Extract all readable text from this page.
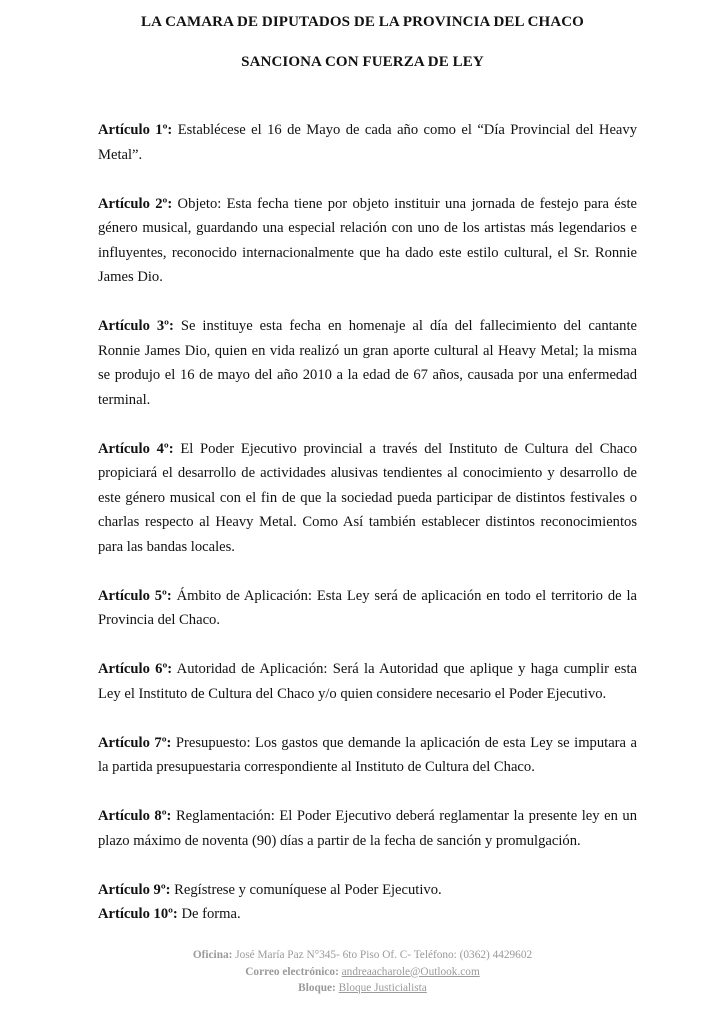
LA CAMARA DE DIPUTADOS DE LA PROVINCIA DEL CHACO
SANCIONA CON FUERZA DE LEY

Artículo 1º: Establécese el 16 de Mayo de cada año como el “Día Provincial del Heavy Metal”.

Artículo 2º: Objeto: Esta fecha tiene por objeto instituir una jornada de festejo para éste género musical, guardando una especial relación con uno de los artistas más legendarios e influyentes, reconocido internacionalmente que ha dado este estilo cultural, el Sr. Ronnie James Dio.

Artículo 3º: Se instituye esta fecha en homenaje al día del fallecimiento del cantante Ronnie James Dio, quien en vida realizó un gran aporte cultural al Heavy Metal; la misma se produjo el 16 de mayo del año 2010 a la edad de 67 años, causada por una enfermedad terminal.

Artículo 4º: El Poder Ejecutivo provincial a través del Instituto de Cultura del Chaco propiciará el desarrollo de actividades alusivas tendientes al conocimiento y desarrollo de este género musical con el fin de que la sociedad pueda participar de distintos festivales o charlas respecto al Heavy Metal. Como Así también establecer distintos reconocimientos para las bandas locales.

Artículo 5º: Ámbito de Aplicación: Esta Ley será de aplicación en todo el territorio de la Provincia del Chaco.

Artículo 6º: Autoridad de Aplicación: Será la Autoridad que aplique y haga cumplir esta Ley el Instituto de Cultura del Chaco y/o quien considere necesario el Poder Ejecutivo.

Artículo 7º: Presupuesto: Los gastos que demande la aplicación de esta Ley se imputara a la partida presupuestaria correspondiente al Instituto de Cultura del Chaco.

Artículo 8º: Reglamentación: El Poder Ejecutivo deberá reglamentar la presente ley en un plazo máximo de noventa (90) días a partir de la fecha de sanción y promulgación.

Artículo 9º: Regístrese y comuníquese al Poder Ejecutivo.

Artículo 10º: De forma.

Oficina: José María Paz N°345- 6to Piso Of. C- Teléfono: (0362) 4429602
Correo electrónico: andreaacharole@Outlook.com
Bloque: Bloque Justicialista
